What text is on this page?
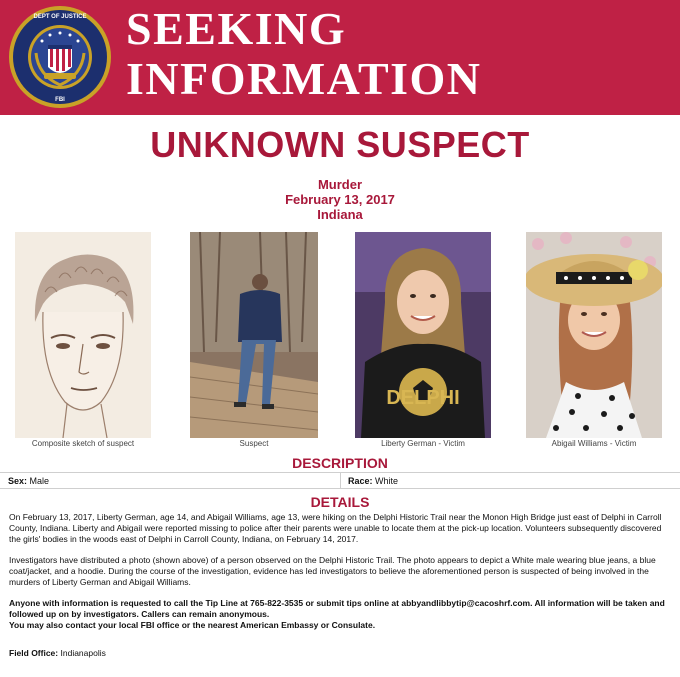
DEPT OF JUSTICE
FBI
SEEKING
INFORMATION
UNKNOWN SUSPECT
Murder
February 13, 2017
Indiana
Composite sketch of suspect	Suspect
DELPHI
Liberty German - Victim	Abigail Williams - Victim
DESCRIPTION
Sex: Male	Race: White
DETAILS

On February 13, 2017, Liberty German, age 14, and Abigail Williams, age 13, were hiking on the Delphi Historic Trail near the Monon High Bridge just east of Delphi in Carroll County, Indiana. Liberty and Abigail were reported missing to police after their parents were unable to locate them at the pick-up location. Volunteers subsequently discovered the girls' bodies in the woods east of Delphi in Carroll County, Indiana, on February 14, 2017.

Investigators have distributed a photo (shown above) of a person observed on the Delphi Historic Trail. The photo appears to depict a White male wearing blue jeans, a blue coat/jacket, and a hoodie. During the course of the investigation, evidence has led investigators to believe the aforementioned person is suspected of being involved in the murders of Liberty German and Abigail Williams.

Anyone with information is requested to call the Tip Line at 765-822-3535 or submit tips online at abbyandlibbytip@cacoshrf.com. All information will be taken and followed up on by investigators. Callers can remain anonymous.

You may also contact your local FBI office or the nearest American Embassy or Consulate.

Field Office: Indianapolis
